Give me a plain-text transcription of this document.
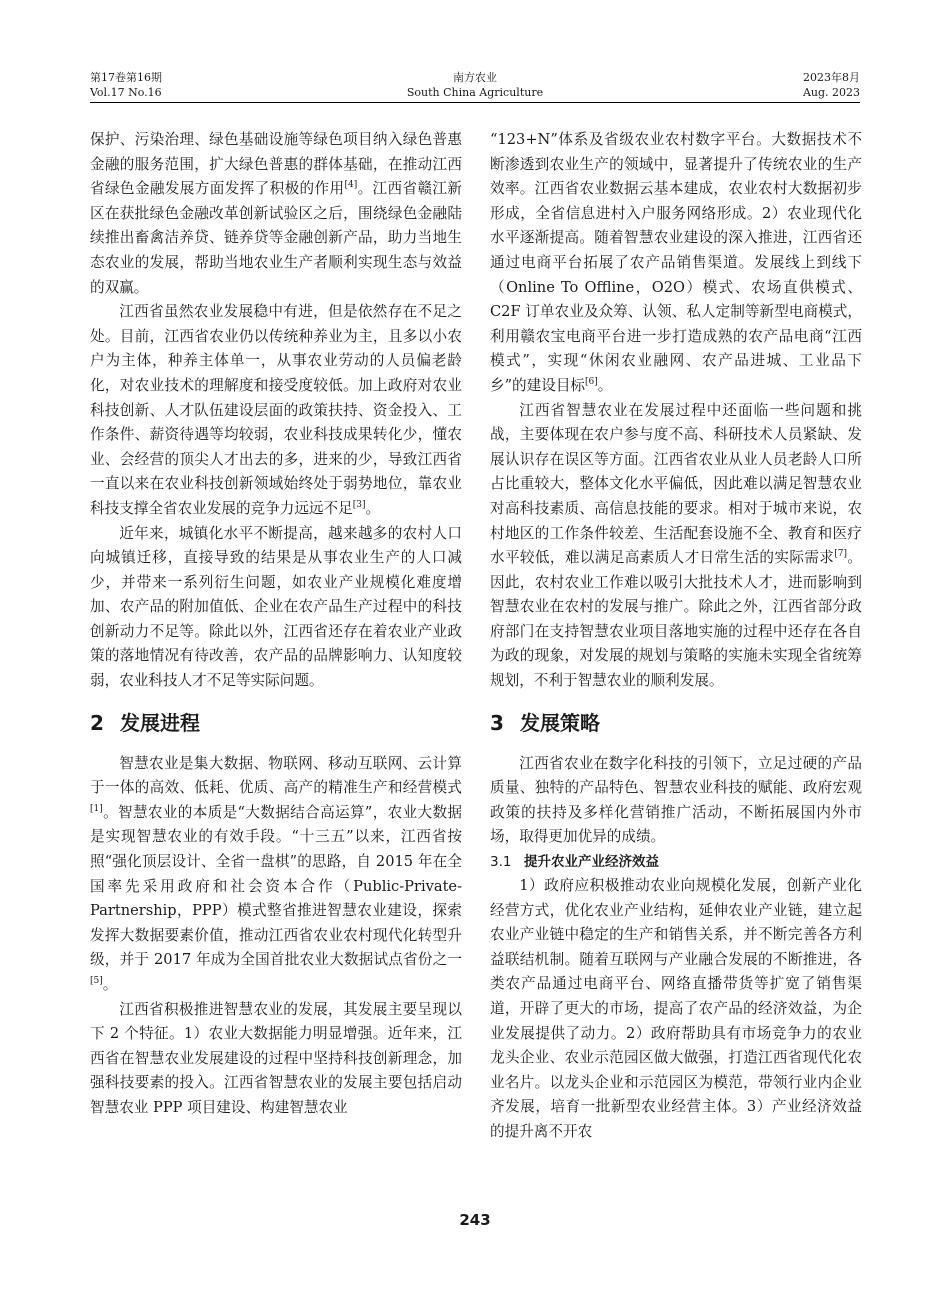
第17卷第16期
Vol.17 No.16
南方农业
South China Agriculture
2023年8月
Aug. 2023

保护、污染治理、绿色基础设施等绿色项目纳入绿色普惠金融的服务范围，扩大绿色普惠的群体基础，在推动江西省绿色金融发展方面发挥了积极的作用[4]。江西省赣江新区在获批绿色金融改革创新试验区之后，围绕绿色金融陆续推出畜禽洁养贷、链养贷等金融创新产品，助力当地生态农业的发展，帮助当地农业生产者顺利实现生态与效益的双赢。

江西省虽然农业发展稳中有进，但是依然存在不足之处。目前，江西省农业仍以传统种养业为主，且多以小农户为主体，种养主体单一，从事农业劳动的人员偏老龄化，对农业技术的理解度和接受度较低。加上政府对农业科技创新、人才队伍建设层面的政策扶持、资金投入、工作条件、薪资待遇等均较弱，农业科技成果转化少，懂农业、会经营的顶尖人才出去的多，进来的少，导致江西省一直以来在农业科技创新领域始终处于弱势地位，靠农业科技支撑全省农业发展的竞争力远远不足[3]。

近年来，城镇化水平不断提高，越来越多的农村人口向城镇迁移，直接导致的结果是从事农业生产的人口减少，并带来一系列衍生问题，如农业产业规模化难度增加、农产品的附加值低、企业在农产品生产过程中的科技创新动力不足等。除此以外，江西省还存在着农业产业政策的落地情况有待改善，农产品的品牌影响力、认知度较弱，农业科技人才不足等实际问题。

2 发展进程

智慧农业是集大数据、物联网、移动互联网、云计算于一体的高效、低耗、优质、高产的精准生产和经营模式[1]。智慧农业的本质是“大数据结合高运算”，农业大数据是实现智慧农业的有效手段。“十三五”以来，江西省按照“强化顶层设计、全省一盘棋”的思路，自 2015 年在全国率先采用政府和社会资本合作（Public-Private-Partnership，PPP）模式整省推进智慧农业建设，探索发挥大数据要素价值，推动江西省农业农村现代化转型升级，并于 2017 年成为全国首批农业大数据试点省份之一[5]。

江西省积极推进智慧农业的发展，其发展主要呈现以下 2 个特征。1）农业大数据能力明显增强。近年来，江西省在智慧农业发展建设的过程中坚持科技创新理念，加强科技要素的投入。江西省智慧农业的发展主要包括启动智慧农业 PPP 项目建设、构建智慧农业

“123+N”体系及省级农业农村数字平台。大数据技术不断渗透到农业生产的领域中，显著提升了传统农业的生产效率。江西省农业数据云基本建成，农业农村大数据初步形成，全省信息进村入户服务网络形成。2）农业现代化水平逐渐提高。随着智慧农业建设的深入推进，江西省还通过电商平台拓展了农产品销售渠道。发展线上到线下（Online To Offline，O2O）模式、农场直供模式、C2F 订单农业及众筹、认领、私人定制等新型电商模式，利用赣农宝电商平台进一步打造成熟的农产品电商“江西模式”，实现“休闲农业融网、农产品进城、工业品下乡”的建设目标[6]。

江西省智慧农业在发展过程中还面临一些问题和挑战，主要体现在农户参与度不高、科研技术人员紧缺、发展认识存在误区等方面。江西省农业从业人员老龄人口所占比重较大，整体文化水平偏低，因此难以满足智慧农业对高科技素质、高信息技能的要求。相对于城市来说，农村地区的工作条件较差、生活配套设施不全、教育和医疗水平较低，难以满足高素质人才日常生活的实际需求[7]。因此，农村农业工作难以吸引大批技术人才，进而影响到智慧农业在农村的发展与推广。除此之外，江西省部分政府部门在支持智慧农业项目落地实施的过程中还存在各自为政的现象，对发展的规划与策略的实施未实现全省统筹规划，不利于智慧农业的顺利发展。

3 发展策略

江西省农业在数字化科技的引领下，立足过硬的产品质量、独特的产品特色、智慧农业科技的赋能、政府宏观政策的扶持及多样化营销推广活动，不断拓展国内外市场，取得更加优异的成绩。

3.1 提升农业产业经济效益

1）政府应积极推动农业向规模化发展，创新产业化经营方式，优化农业产业结构，延伸农业产业链，建立起农业产业链中稳定的生产和销售关系，并不断完善各方利益联结机制。随着互联网与产业融合发展的不断推进，各类农产品通过电商平台、网络直播带货等扩宽了销售渠道，开辟了更大的市场，提高了农产品的经济效益，为企业发展提供了动力。2）政府帮助具有市场竞争力的农业龙头企业、农业示范园区做大做强，打造江西省现代化农业名片。以龙头企业和示范园区为模范，带领行业内企业齐发展，培育一批新型农业经营主体。3）产业经济效益的提升离不开农

243
